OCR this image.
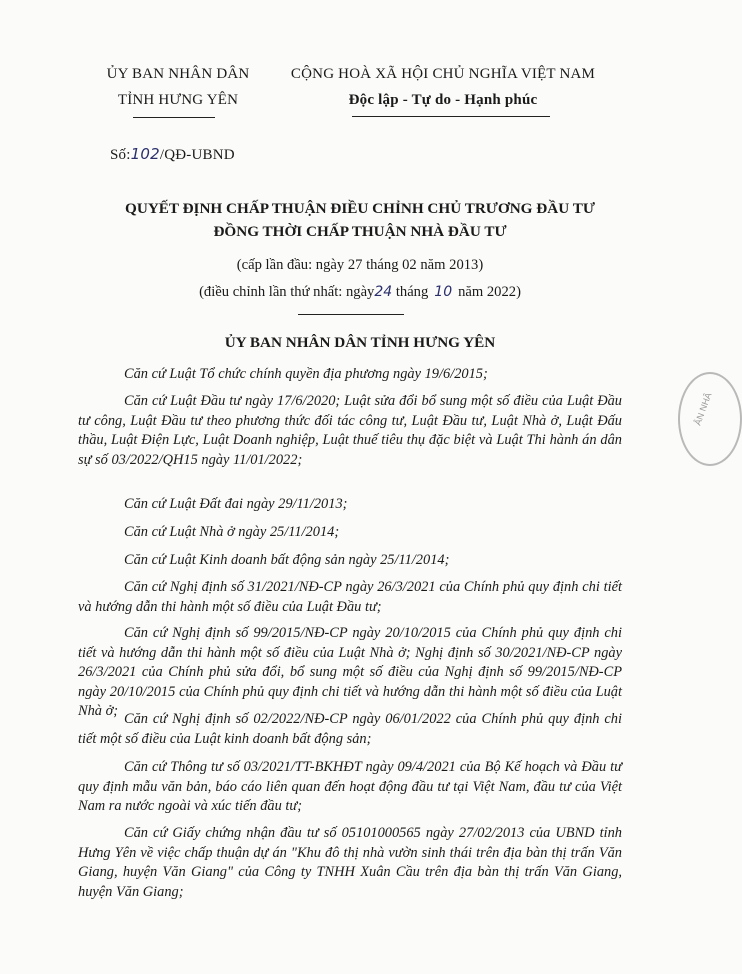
ỦY BAN NHÂN DÂN
TỈNH HƯNG YÊN
CỘNG HOÀ XÃ HỘI CHỦ NGHĨA VIỆT NAM
Độc lập - Tự do - Hạnh phúc
Số:102/QĐ-UBND
QUYẾT ĐỊNH CHẤP THUẬN ĐIỀU CHỈNH CHỦ TRƯƠNG ĐẦU TƯ
ĐỒNG THỜI CHẤP THUẬN NHÀ ĐẦU TƯ
(cấp lần đầu: ngày 27 tháng 02 năm 2013)
(điều chỉnh lần thứ nhất: ngày24 tháng 10 năm 2022)
ỦY BAN NHÂN DÂN TỈNH HƯNG YÊN
Căn cứ Luật Tổ chức chính quyền địa phương ngày 19/6/2015;
Căn cứ Luật Đầu tư ngày 17/6/2020; Luật sửa đổi bổ sung một số điều của Luật Đầu tư công, Luật Đầu tư theo phương thức đối tác công tư, Luật Đầu tư, Luật Nhà ở, Luật Đấu thầu, Luật Điện Lực, Luật Doanh nghiệp, Luật thuế tiêu thụ đặc biệt và Luật Thi hành án dân sự số 03/2022/QH15 ngày 11/01/2022;
Căn cứ Luật Đất đai ngày 29/11/2013;
Căn cứ Luật Nhà ở ngày 25/11/2014;
Căn cứ Luật Kinh doanh bất động sản ngày 25/11/2014;
Căn cứ Nghị định số 31/2021/NĐ-CP ngày 26/3/2021 của Chính phủ quy định chi tiết và hướng dẫn thi hành một số điều của Luật Đầu tư;
Căn cứ Nghị định số 99/2015/NĐ-CP ngày 20/10/2015 của Chính phủ quy định chi tiết và hướng dẫn thi hành một số điều của Luật Nhà ở; Nghị định số 30/2021/NĐ-CP ngày 26/3/2021 của Chính phủ sửa đổi, bổ sung một số điều của Nghị định số 99/2015/NĐ-CP ngày 20/10/2015 của Chính phủ quy định chi tiết và hướng dẫn thi hành một số điều của Luật Nhà ở; Căn cứ Nghị định số 02/2022/NĐ-CP ngày 06/01/2022 của Chính phủ quy định chi tiết một số điều của Luật kinh doanh bất động sản;
Căn cứ Thông tư số 03/2021/TT-BKHĐT ngày 09/4/2021 của Bộ Kế hoạch và Đầu tư quy định mẫu văn bản, báo cáo liên quan đến hoạt động đầu tư tại Việt Nam, đầu tư của Việt Nam ra nước ngoài và xúc tiến đầu tư;
Căn cứ Giấy chứng nhận đầu tư số 05101000565 ngày 27/02/2013 của UBND tỉnh Hưng Yên về việc chấp thuận dự án "Khu đô thị nhà vườn sinh thái trên địa bàn thị trấn Văn Giang, huyện Văn Giang" của Công ty TNHH Xuân Cầu trên địa bàn thị trấn Văn Giang, huyện Văn Giang;
ÂN NHÂ
